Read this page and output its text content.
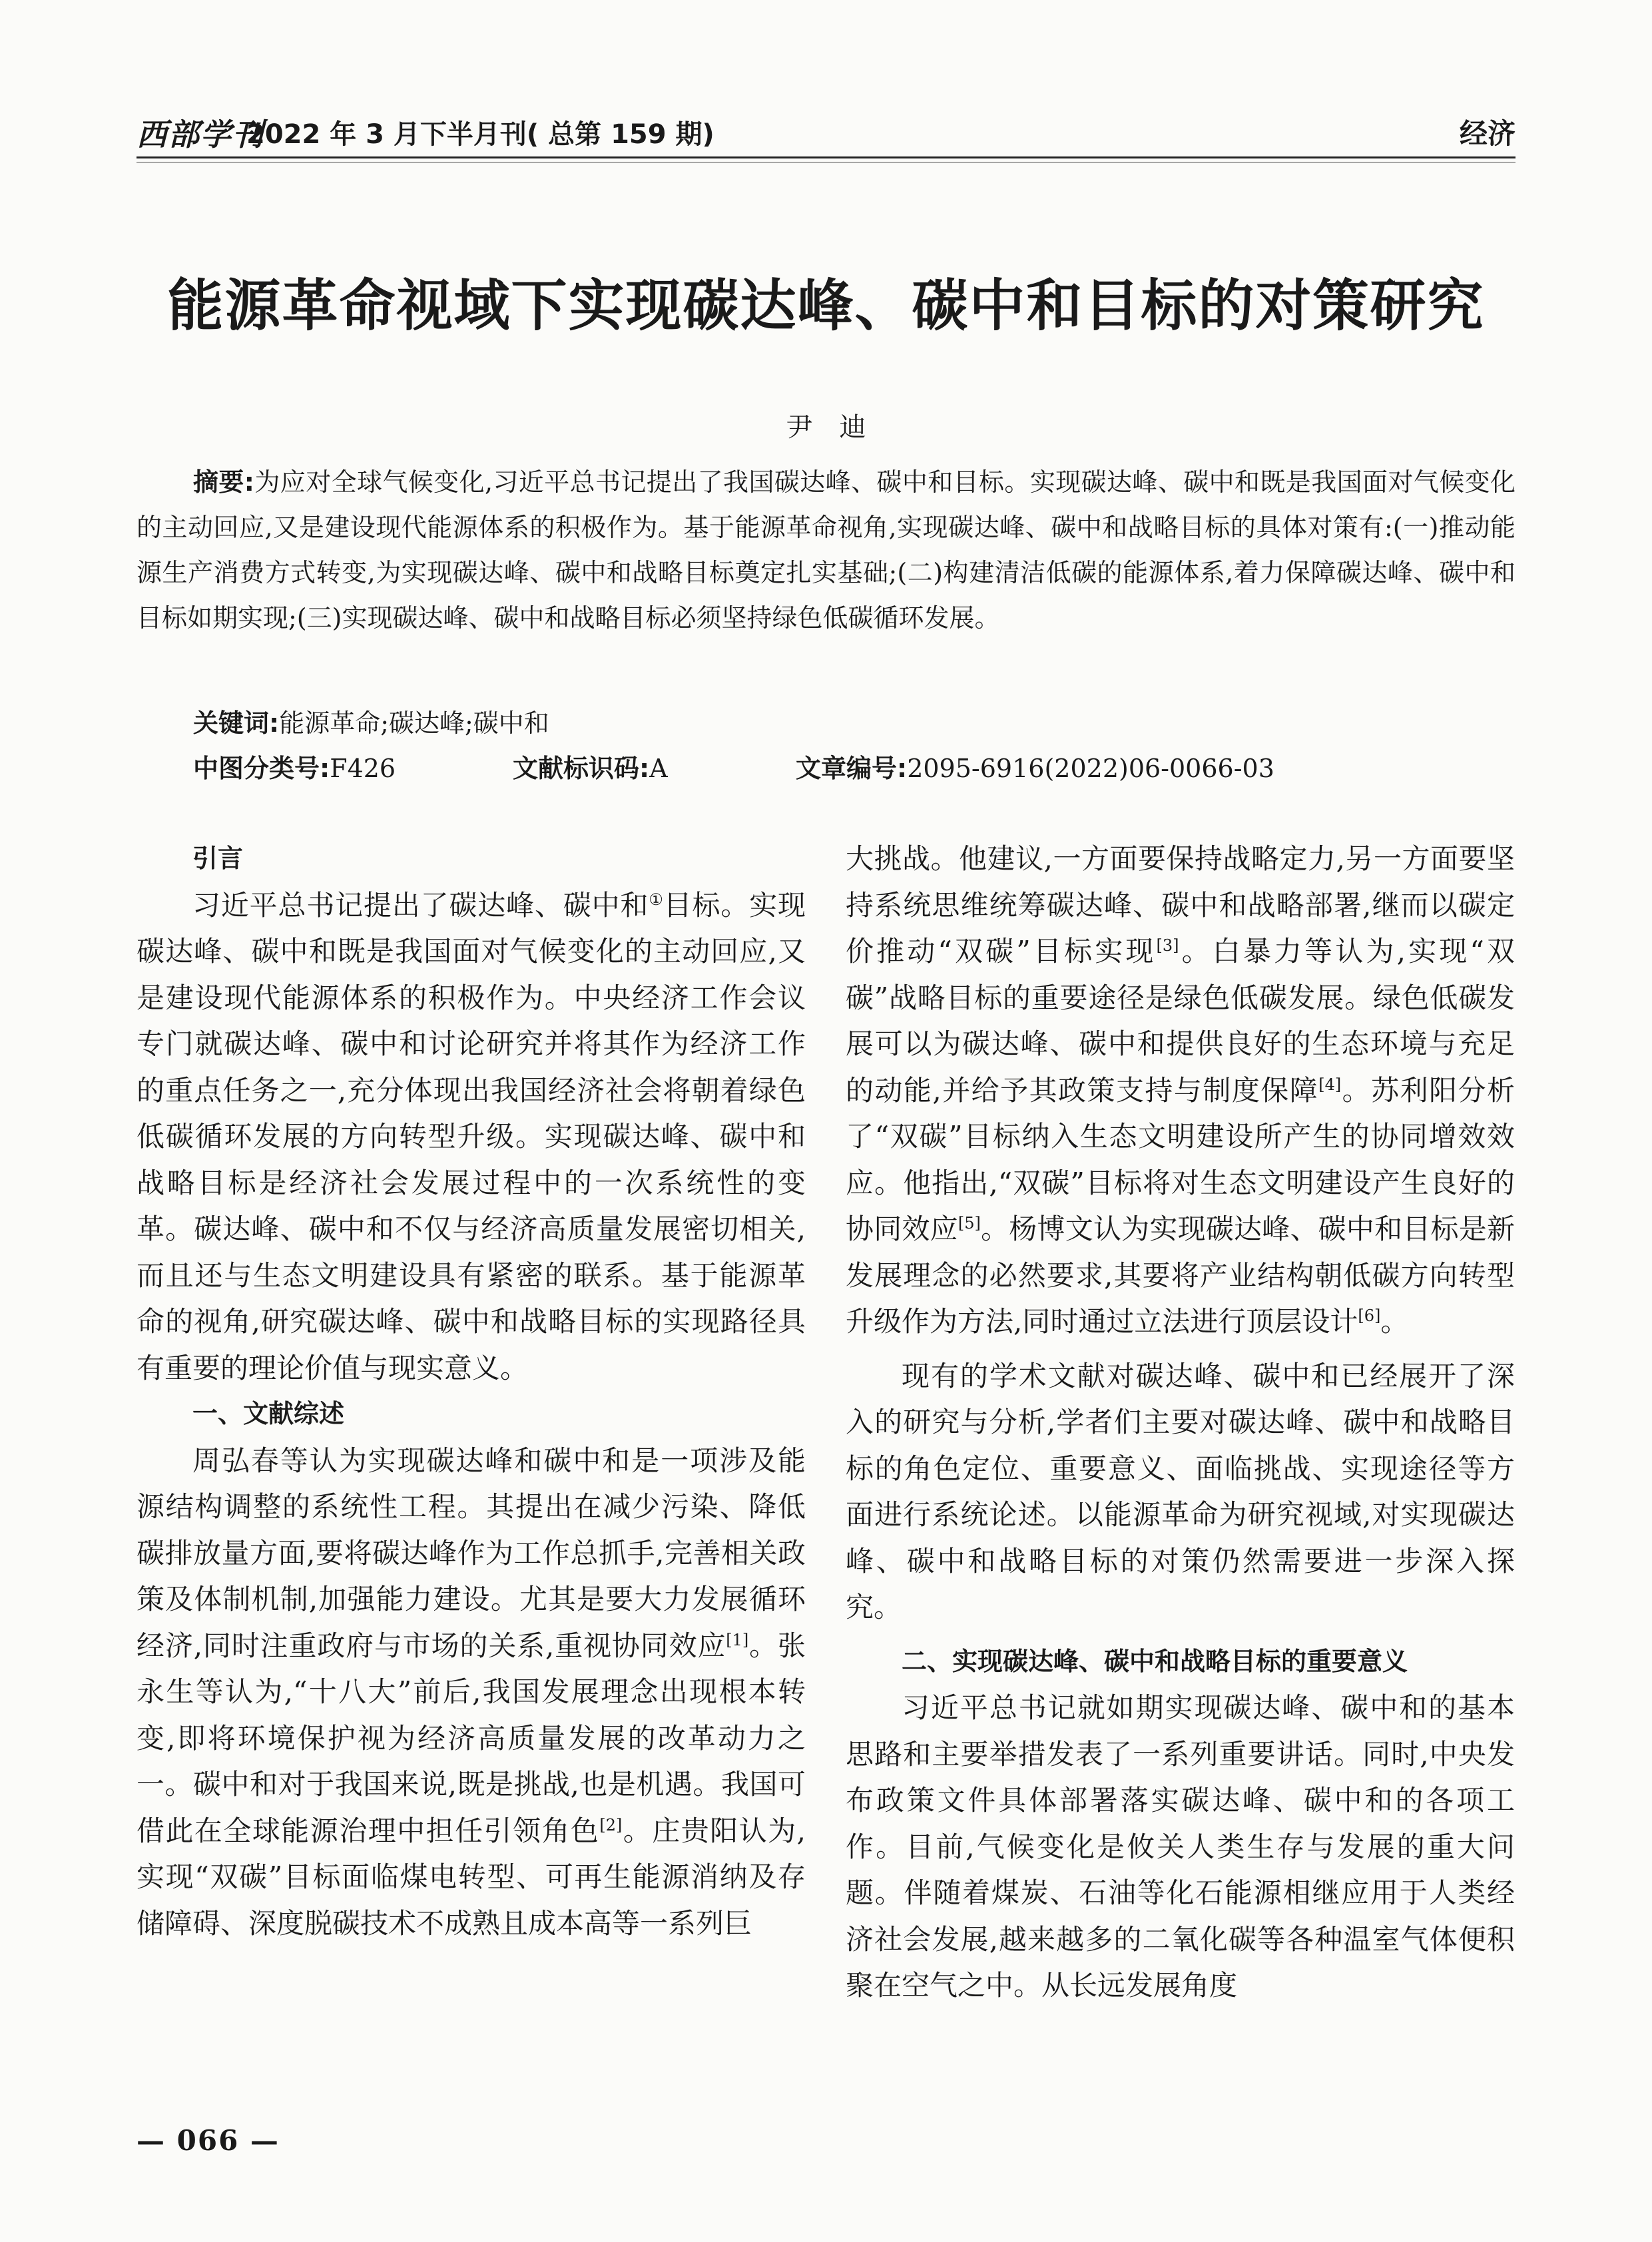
西部学刊
2022 年 3 月下半月刊( 总第 159 期)	经济
能源革命视域下实现碳达峰、碳中和目标的对策研究
尹迪
摘要:为应对全球气候变化,习近平总书记提出了我国碳达峰、碳中和目标。实现碳达峰、碳中和既是我国面对气候变化的主动回应,又是建设现代能源体系的积极作为。基于能源革命视角,实现碳达峰、碳中和战略目标的具体对策有:(一)推动能源生产消费方式转变,为实现碳达峰、碳中和战略目标奠定扎实基础;(二)构建清洁低碳的能源体系,着力保障碳达峰、碳中和目标如期实现;(三)实现碳达峰、碳中和战略目标必须坚持绿色低碳循环发展。
关键词:能源革命;碳达峰;碳中和
中图分类号:F426	文献标识码:A	文章编号:2095-6916(2022)06-0066-03
引言

习近平总书记提出了碳达峰、碳中和①目标。实现碳达峰、碳中和既是我国面对气候变化的主动回应,又是建设现代能源体系的积极作为。中央经济工作会议专门就碳达峰、碳中和讨论研究并将其作为经济工作的重点任务之一,充分体现出我国经济社会将朝着绿色低碳循环发展的方向转型升级。实现碳达峰、碳中和战略目标是经济社会发展过程中的一次系统性的变革。碳达峰、碳中和不仅与经济高质量发展密切相关,而且还与生态文明建设具有紧密的联系。基于能源革命的视角,研究碳达峰、碳中和战略目标的实现路径具有重要的理论价值与现实意义。

一、文献综述

周弘春等认为实现碳达峰和碳中和是一项涉及能源结构调整的系统性工程。其提出在减少污染、降低碳排放量方面,要将碳达峰作为工作总抓手,完善相关政策及体制机制,加强能力建设。尤其是要大力发展循环经济,同时注重政府与市场的关系,重视协同效应[1]。张永生等认为,“十八大”前后,我国发展理念出现根本转变,即将环境保护视为经济高质量发展的改革动力之一。碳中和对于我国来说,既是挑战,也是机遇。我国可借此在全球能源治理中担任引领角色[2]。庄贵阳认为,实现“双碳”目标面临煤电转型、可再生能源消纳及存储障碍、深度脱碳技术不成熟且成本高等一系列巨

大挑战。他建议,一方面要保持战略定力,另一方面要坚持系统思维统筹碳达峰、碳中和战略部署,继而以碳定价推动“双碳”目标实现[3]。白暴力等认为,实现“双碳”战略目标的重要途径是绿色低碳发展。绿色低碳发展可以为碳达峰、碳中和提供良好的生态环境与充足的动能,并给予其政策支持与制度保障[4]。苏利阳分析了“双碳”目标纳入生态文明建设所产生的协同增效效应。他指出,“双碳”目标将对生态文明建设产生良好的协同效应[5]。杨博文认为实现碳达峰、碳中和目标是新发展理念的必然要求,其要将产业结构朝低碳方向转型升级作为方法,同时通过立法进行顶层设计[6]。

现有的学术文献对碳达峰、碳中和已经展开了深入的研究与分析,学者们主要对碳达峰、碳中和战略目标的角色定位、重要意义、面临挑战、实现途径等方面进行系统论述。以能源革命为研究视域,对实现碳达峰、碳中和战略目标的对策仍然需要进一步深入探究。

二、实现碳达峰、碳中和战略目标的重要意义

习近平总书记就如期实现碳达峰、碳中和的基本思路和主要举措发表了一系列重要讲话。同时,中央发布政策文件具体部署落实碳达峰、碳中和的各项工作。目前,气候变化是攸关人类生存与发展的重大问题。伴随着煤炭、石油等化石能源相继应用于人类经济社会发展,越来越多的二氧化碳等各种温室气体便积聚在空气之中。从长远发展角度

— 066 —
